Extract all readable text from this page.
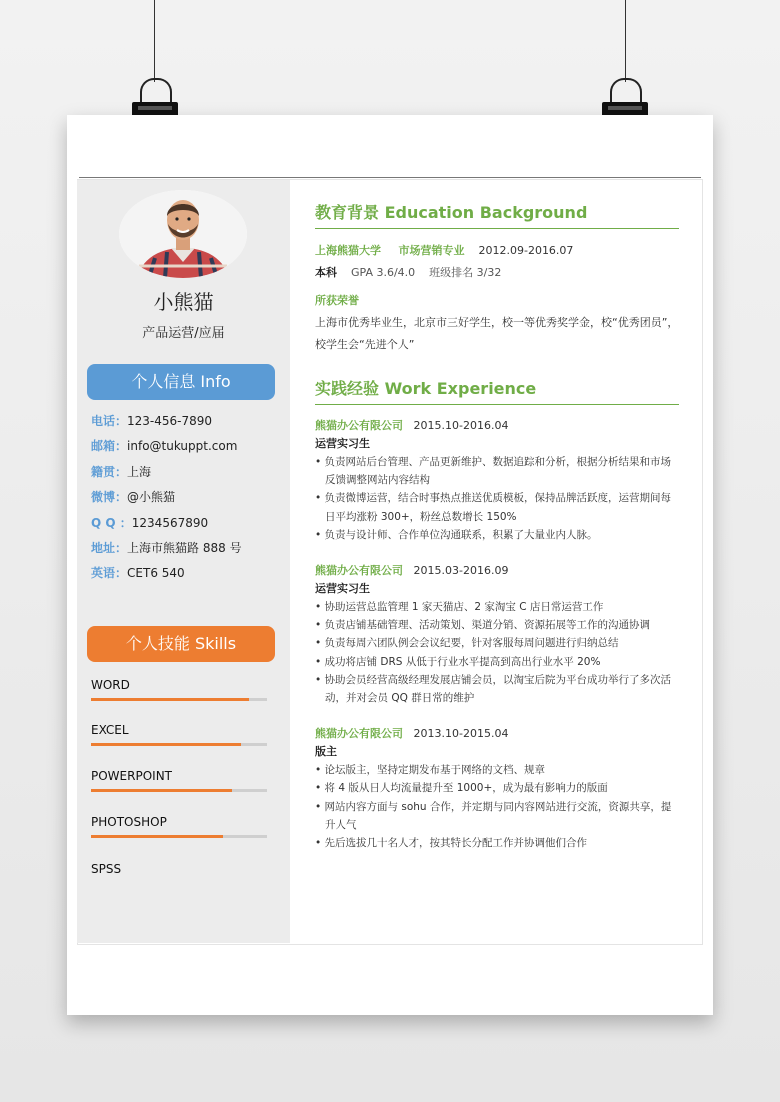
小熊猫
产品运营/应届
个人信息 Info
电话：123-456-7890
邮箱：info@tukuppt.com
籍贯：上海
微博：@小熊猫
Q Q ：1234567890
地址：上海市熊猫路 888 号
英语：CET6 540
个人技能 Skills
WORD
EXCEL
POWERPOINT
PHOTOSHOP
SPSS
教育背景 Education Background
上海熊猫大学 市场营销专业 2012.09-2016.07
本科 GPA 3.6/4.0 班级排名 3/32
所获荣誉
上海市优秀毕业生，北京市三好学生，校一等优秀奖学金，校“优秀团员”，校学生会“先进个人”
实践经验 Work Experience
熊猫办公有限公司 2015.10-2016.04
运营实习生
• 负责网站后台管理、产品更新维护、数据追踪和分析，根据分析结果和市场反馈调整网站内容结构
• 负责微博运营，结合时事热点推送优质模板，保持品牌活跃度，运营期间每日平均涨粉 300+，粉丝总数增长 150%
• 负责与设计师、合作单位沟通联系，积累了大量业内人脉。
熊猫办公有限公司 2015.03-2016.09
运营实习生
• 协助运营总监管理 1 家天猫店、2 家淘宝 C 店日常运营工作
• 负责店铺基础管理、活动策划、渠道分销、资源拓展等工作的沟通协调
• 负责每周六团队例会会议纪要，针对客服每周问题进行归纳总结
• 成功将店铺 DRS 从低于行业水平提高到高出行业水平 20%
• 协助会员经营高级经理发展店铺会员，以淘宝后院为平台成功举行了多次活动，并对会员 QQ 群日常的维护
熊猫办公有限公司 2013.10-2015.04
版主
• 论坛版主，坚持定期发布基于网络的文档、规章
• 将 4 版从日人均流量提升至 1000+，成为最有影响力的版面
• 网站内容方面与 sohu 合作，并定期与同内容网站进行交流，资源共享，提升人气
• 先后选拔几十名人才，按其特长分配工作并协调他们合作
